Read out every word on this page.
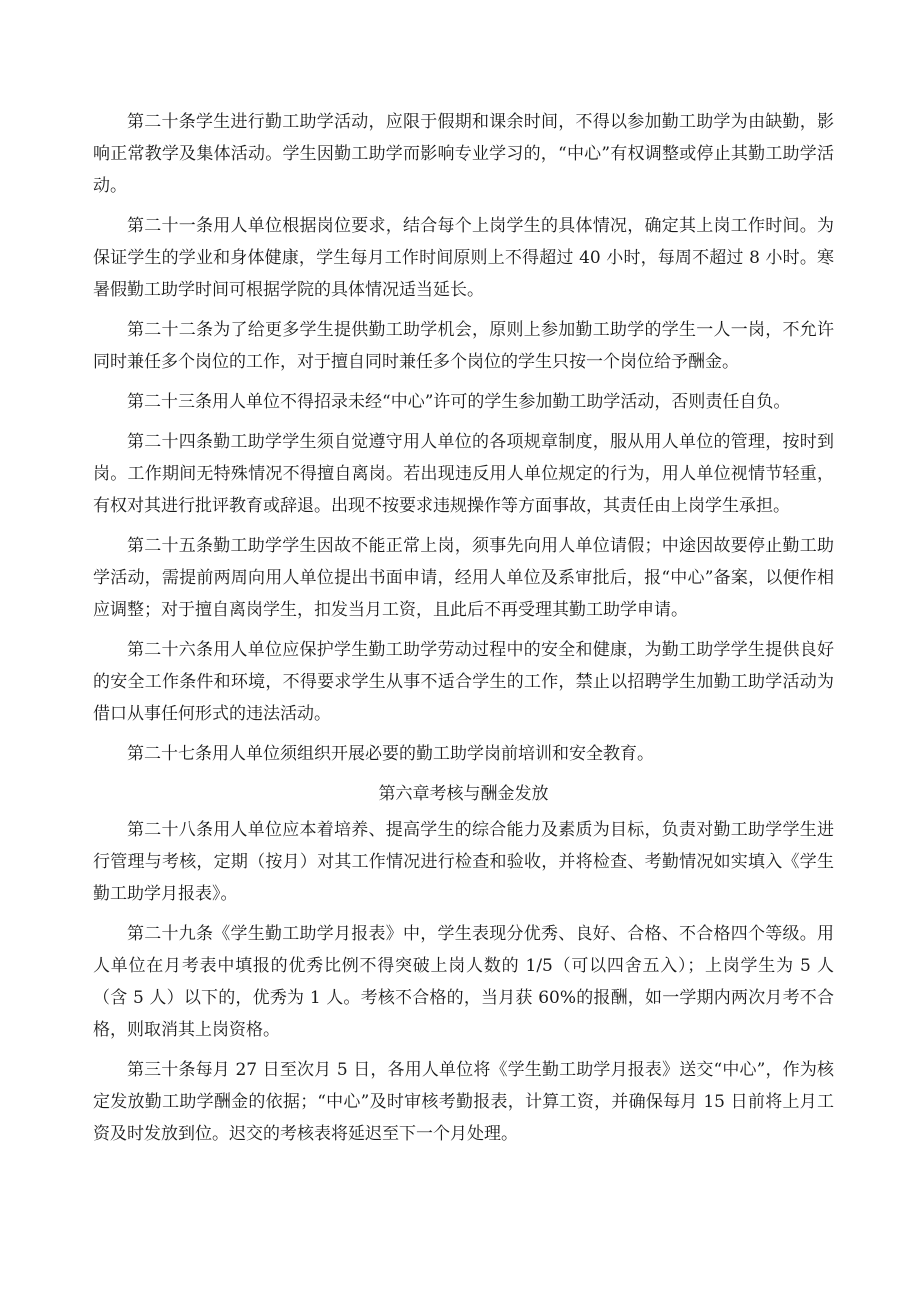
第二十条学生进行勤工助学活动，应限于假期和课余时间，不得以参加勤工助学为由缺勤，影响正常教学及集体活动。学生因勤工助学而影响专业学习的，“中心”有权调整或停止其勤工助学活动。

第二十一条用人单位根据岗位要求，结合每个上岗学生的具体情况，确定其上岗工作时间。为保证学生的学业和身体健康，学生每月工作时间原则上不得超过 40 小时，每周不超过 8 小时。寒暑假勤工助学时间可根据学院的具体情况适当延长。

第二十二条为了给更多学生提供勤工助学机会，原则上参加勤工助学的学生一人一岗，不允许同时兼任多个岗位的工作，对于擅自同时兼任多个岗位的学生只按一个岗位给予酬金。

第二十三条用人单位不得招录未经“中心”许可的学生参加勤工助学活动，否则责任自负。

第二十四条勤工助学学生须自觉遵守用人单位的各项规章制度，服从用人单位的管理，按时到岗。工作期间无特殊情况不得擅自离岗。若出现违反用人单位规定的行为，用人单位视情节轻重，有权对其进行批评教育或辞退。出现不按要求违规操作等方面事故，其责任由上岗学生承担。

第二十五条勤工助学学生因故不能正常上岗，须事先向用人单位请假；中途因故要停止勤工助学活动，需提前两周向用人单位提出书面申请，经用人单位及系审批后，报“中心”备案，以便作相应调整；对于擅自离岗学生，扣发当月工资，且此后不再受理其勤工助学申请。

第二十六条用人单位应保护学生勤工助学劳动过程中的安全和健康，为勤工助学学生提供良好的安全工作条件和环境，不得要求学生从事不适合学生的工作，禁止以招聘学生加勤工助学活动为借口从事任何形式的违法活动。

第二十七条用人单位须组织开展必要的勤工助学岗前培训和安全教育。

第六章考核与酬金发放

第二十八条用人单位应本着培养、提高学生的综合能力及素质为目标，负责对勤工助学学生进行管理与考核，定期（按月）对其工作情况进行检查和验收，并将检查、考勤情况如实填入《学生勤工助学月报表》。

第二十九条《学生勤工助学月报表》中，学生表现分优秀、良好、合格、不合格四个等级。用人单位在月考表中填报的优秀比例不得突破上岗人数的 1/5（可以四舍五入）；上岗学生为 5 人（含 5 人）以下的，优秀为 1 人。考核不合格的，当月获 60%的报酬，如一学期内两次月考不合格，则取消其上岗资格。

第三十条每月 27 日至次月 5 日，各用人单位将《学生勤工助学月报表》送交“中心”，作为核定发放勤工助学酬金的依据；“中心”及时审核考勤报表，计算工资，并确保每月 15 日前将上月工资及时发放到位。迟交的考核表将延迟至下一个月处理。
